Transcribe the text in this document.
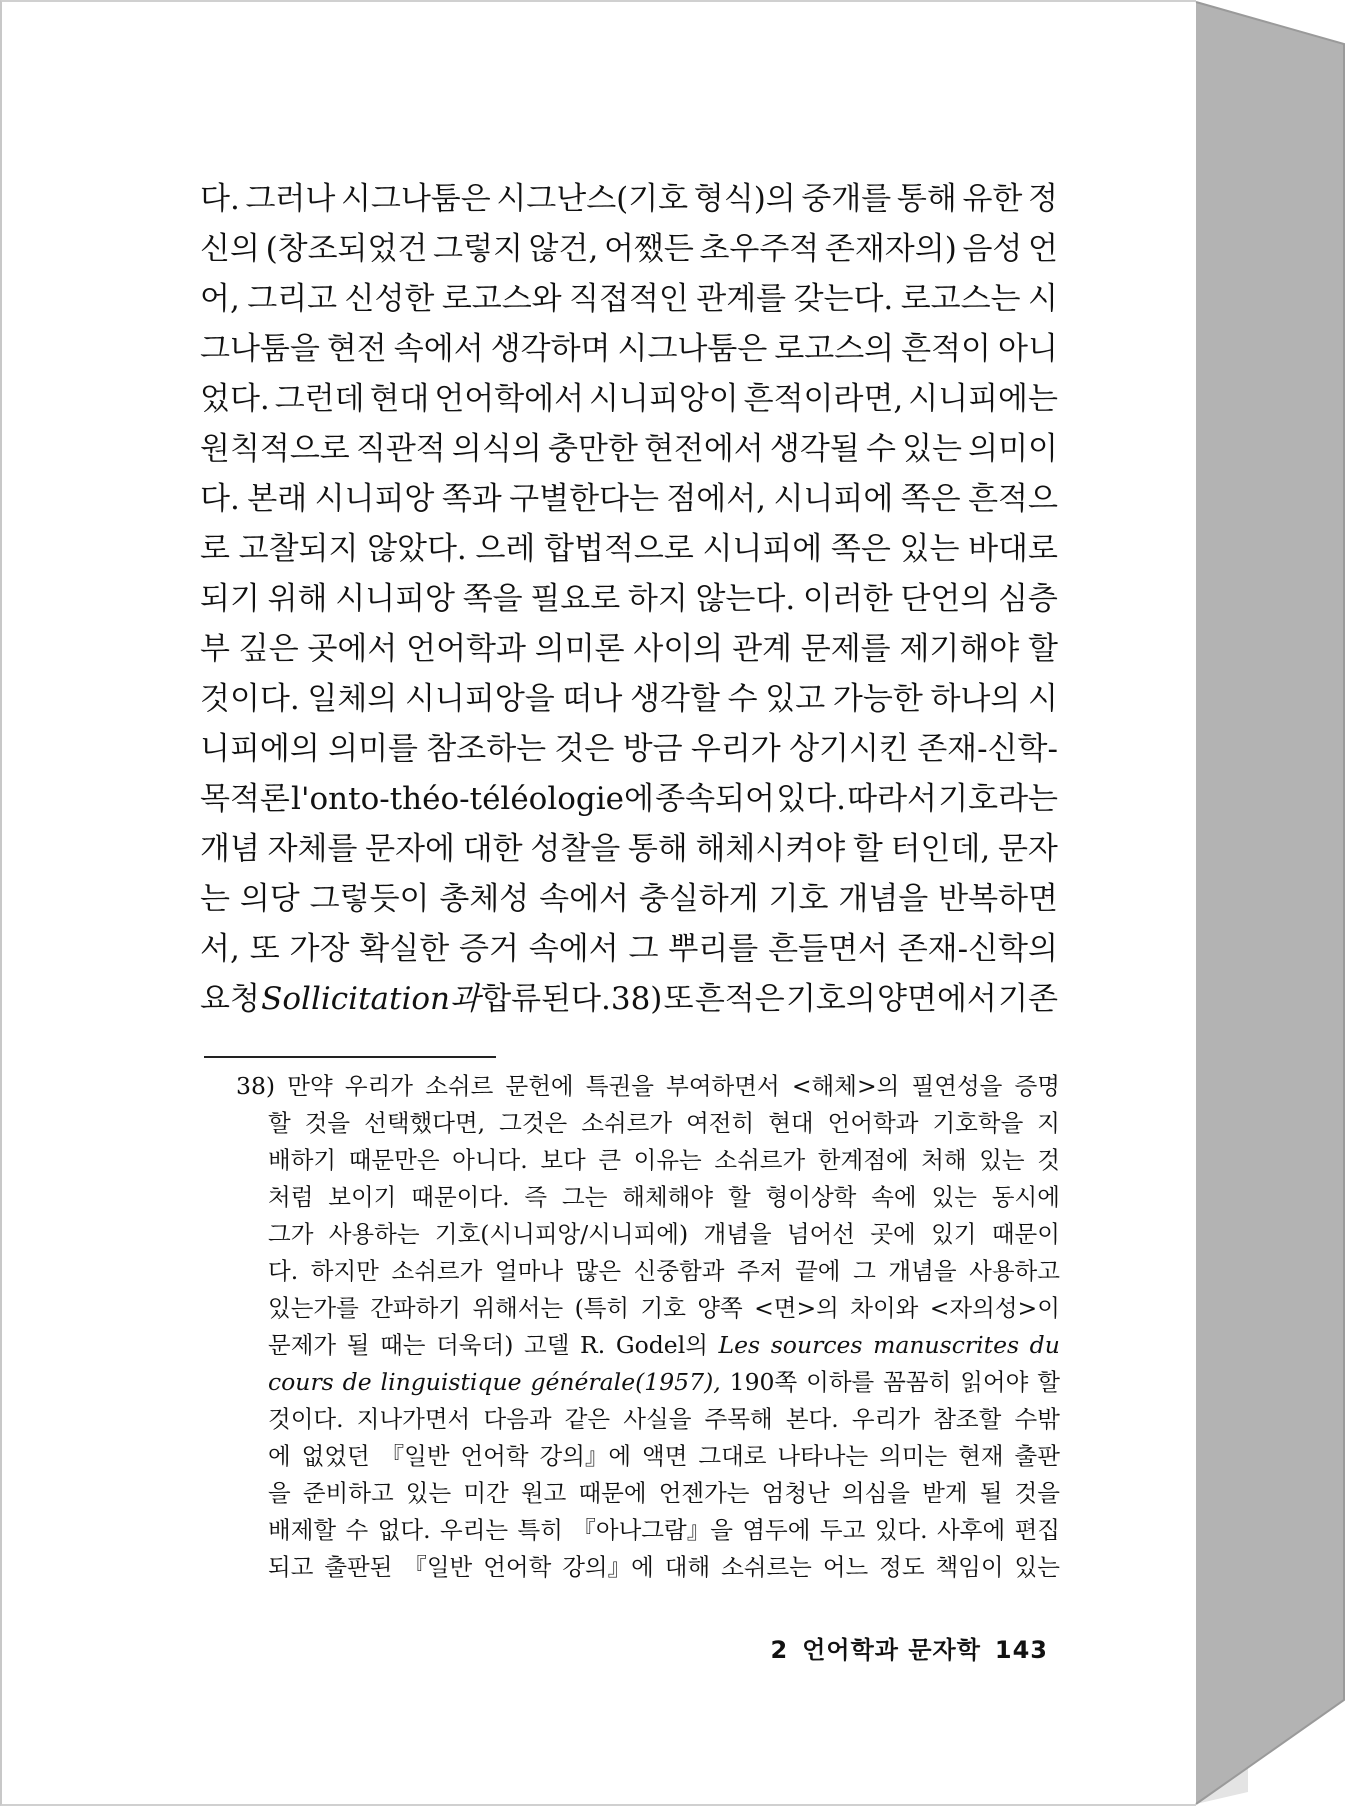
다. 그러나 시그나툼은 시그난스(기호 형식)의 중개를 통해 유한 정
신의 (창조되었건 그렇지 않건, 어쨌든 초우주적 존재자의) 음성 언
어, 그리고 신성한 로고스와 직접적인 관계를 갖는다. 로고스는 시
그나툼을 현전 속에서 생각하며 시그나툼은 로고스의 흔적이 아니
었다. 그런데 현대 언어학에서 시니피앙이 흔적이라면, 시니피에는
원칙적으로 직관적 의식의 충만한 현전에서 생각될 수 있는 의미이
다. 본래 시니피앙 쪽과 구별한다는 점에서, 시니피에 쪽은 흔적으
로 고찰되지 않았다. 으레 합법적으로 시니피에 쪽은 있는 바대로
되기 위해 시니피앙 쪽을 필요로 하지 않는다. 이러한 단언의 심층
부 깊은 곳에서 언어학과 의미론 사이의 관계 문제를 제기해야 할
것이다. 일체의 시니피앙을 떠나 생각할 수 있고 가능한 하나의 시
니피에의 의미를 참조하는 것은 방금 우리가 상기시킨 존재-신학-
목적론 l'onto-théo-téléologie에 종속되어 있다. 따라서 기호라는
개념 자체를 문자에 대한 성찰을 통해 해체시켜야 할 터인데, 문자
는 의당 그렇듯이 총체성 속에서 충실하게 기호 개념을 반복하면
서, 또 가장 확실한 증거 속에서 그 뿌리를 흔들면서 존재-신학의
요청 Sollicitation과 합류된다.38) 또 흔적은 기호의 양면에서 기존
38) 만약 우리가 소쉬르 문헌에 특권을 부여하면서 <해체>의 필연성을 증명
할 것을 선택했다면, 그것은 소쉬르가 여전히 현대 언어학과 기호학을 지
배하기 때문만은 아니다. 보다 큰 이유는 소쉬르가 한계점에 처해 있는 것
처럼 보이기 때문이다. 즉 그는 해체해야 할 형이상학 속에 있는 동시에
그가 사용하는 기호(시니피앙/시니피에) 개념을 넘어선 곳에 있기 때문이
다. 하지만 소쉬르가 얼마나 많은 신중함과 주저 끝에 그 개념을 사용하고
있는가를 간파하기 위해서는 (특히 기호 양쪽 <면>의 차이와 <자의성>이
문제가 될 때는 더욱더) 고델 R. Godel의 Les sources manuscrites du
cours de linguistique générale(1957), 190쪽 이하를 꼼꼼히 읽어야 할
것이다. 지나가면서 다음과 같은 사실을 주목해 본다. 우리가 참조할 수밖
에 없었던 『일반 언어학 강의』에 액면 그대로 나타나는 의미는 현재 출판
을 준비하고 있는 미간 원고 때문에 언젠가는 엄청난 의심을 받게 될 것을
배제할 수 없다. 우리는 특히 『아나그람』을 염두에 두고 있다. 사후에 편집
되고 출판된 『일반 언어학 강의』에 대해 소쉬르는 어느 정도 책임이 있는
2 언어학과 문자학 143
